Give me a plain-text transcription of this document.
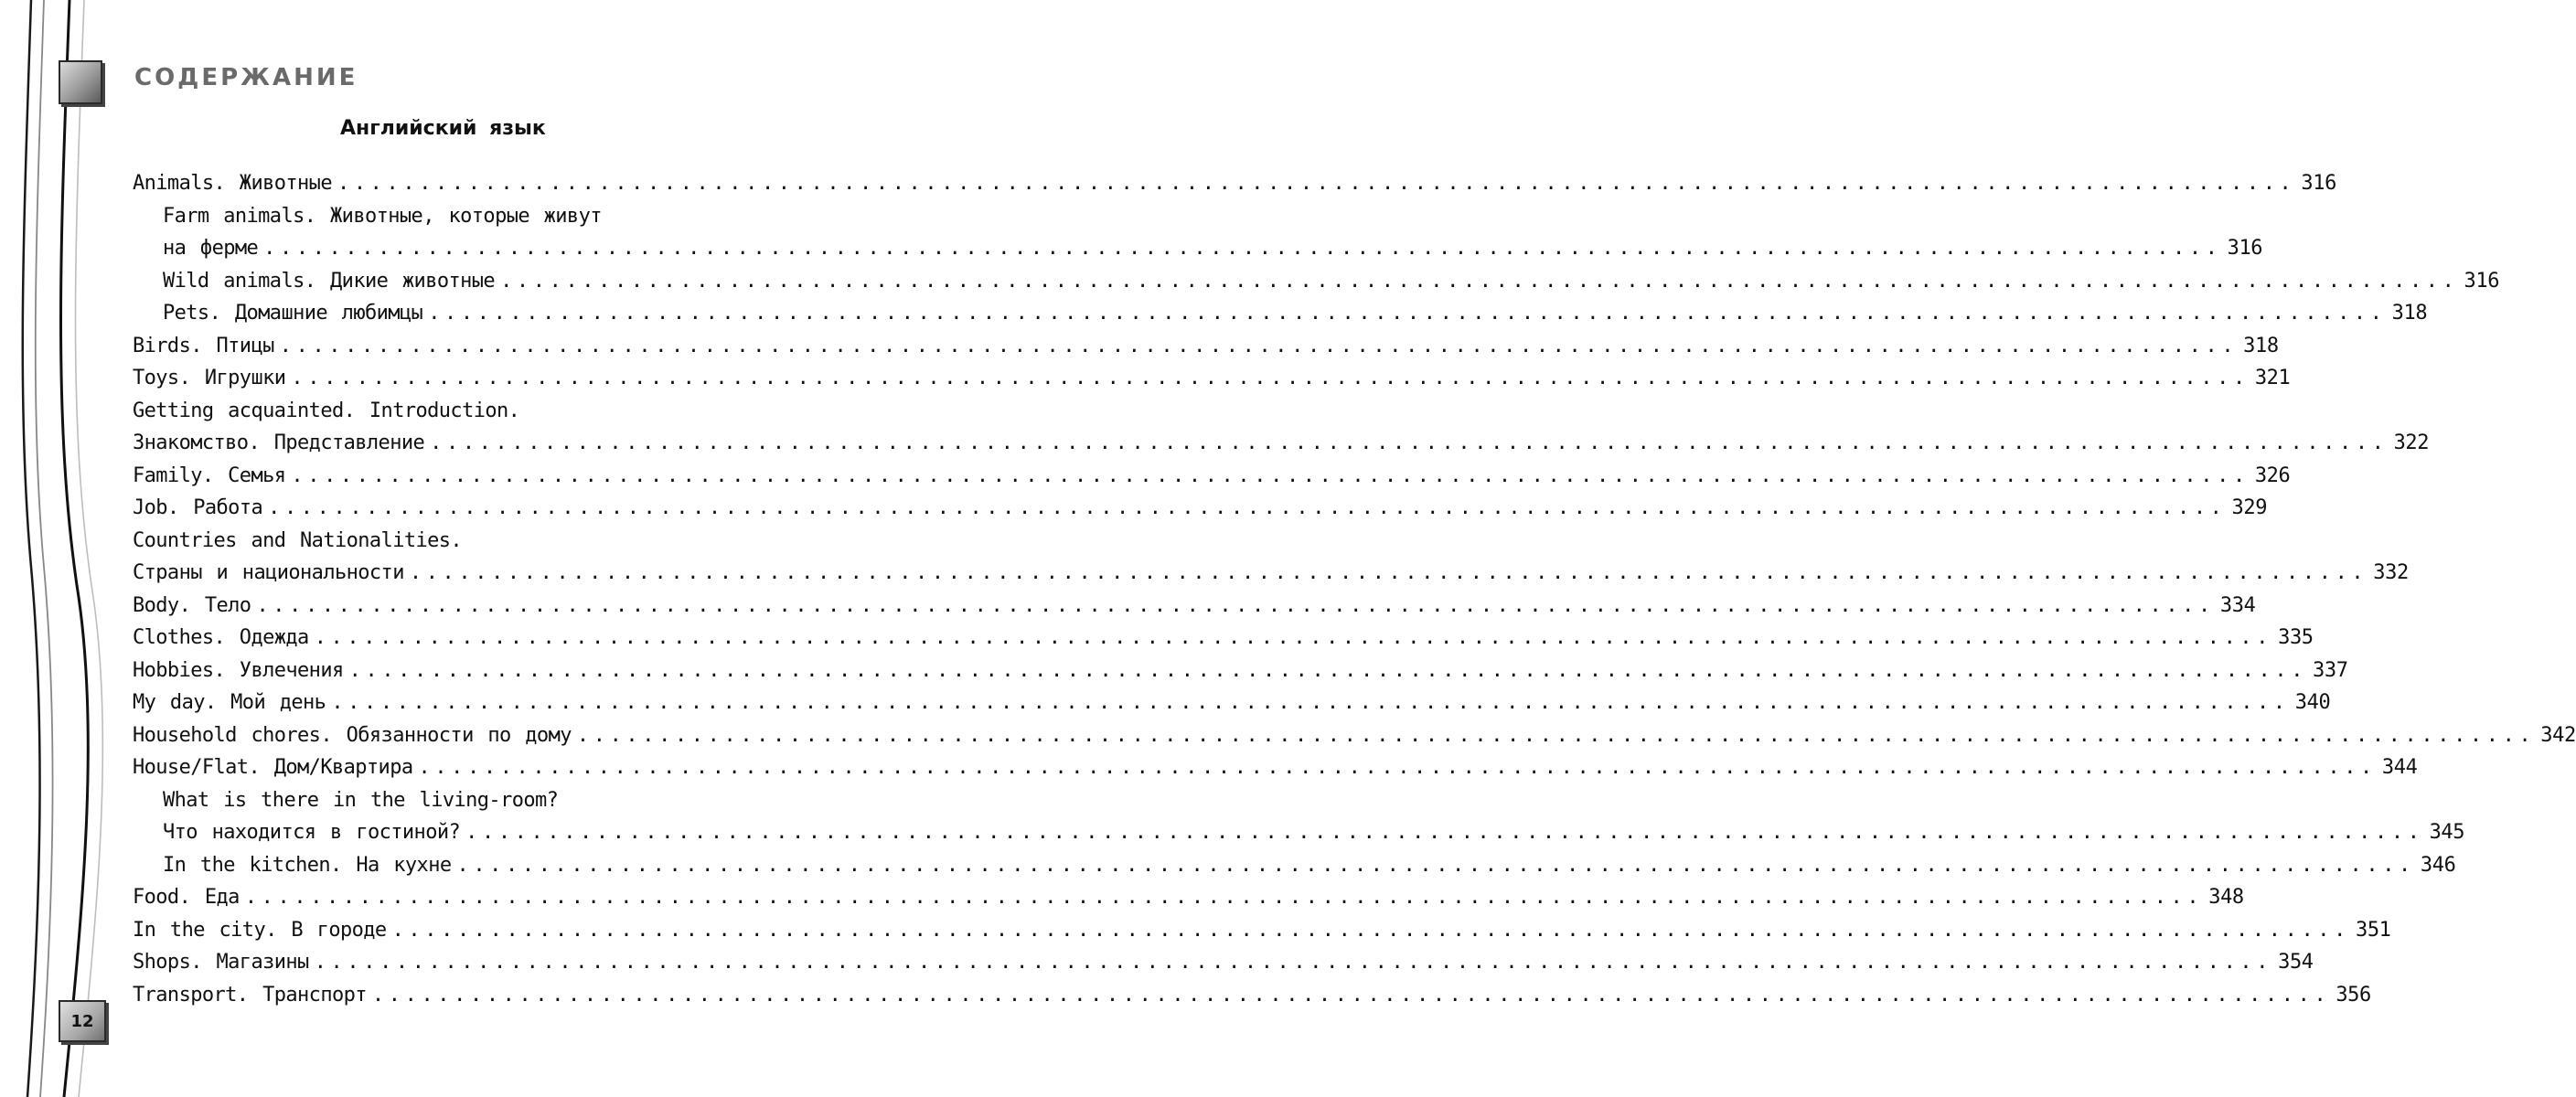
СОДЕРЖАНИЕ
Английский язык
Animals. Животные ........................................................................................................................ 316
Farm animals. Животные, которые живут
на ферме ........................................................................................................................ 316
Wild animals. Дикие животные ........................................................................................................................ 316
Pets. Домашние любимцы ........................................................................................................................ 318
Birds. Птицы ........................................................................................................................ 318
Toys. Игрушки ........................................................................................................................ 321
Getting acquainted. Introduction.
Знакомство. Представление ........................................................................................................................ 322
Family. Семья ........................................................................................................................ 326
Job. Работа ........................................................................................................................ 329
Countries and Nationalities.
Страны и национальности ........................................................................................................................ 332
Body. Тело ........................................................................................................................ 334
Clothes. Одежда ........................................................................................................................ 335
Hobbies. Увлечения ........................................................................................................................ 337
My day. Мой день ........................................................................................................................ 340
Household chores. Обязанности по дому ........................................................................................................................ 342
House/Flat. Дом/Квартира ........................................................................................................................ 344
What is there in the living-room?
Что находится в гостиной? ........................................................................................................................ 345
In the kitchen. На кухне ........................................................................................................................ 346
Food. Еда ........................................................................................................................ 348
In the city. В городе ........................................................................................................................ 351
Shops. Магазины ........................................................................................................................ 354
Transport. Транспорт ........................................................................................................................ 356
12
